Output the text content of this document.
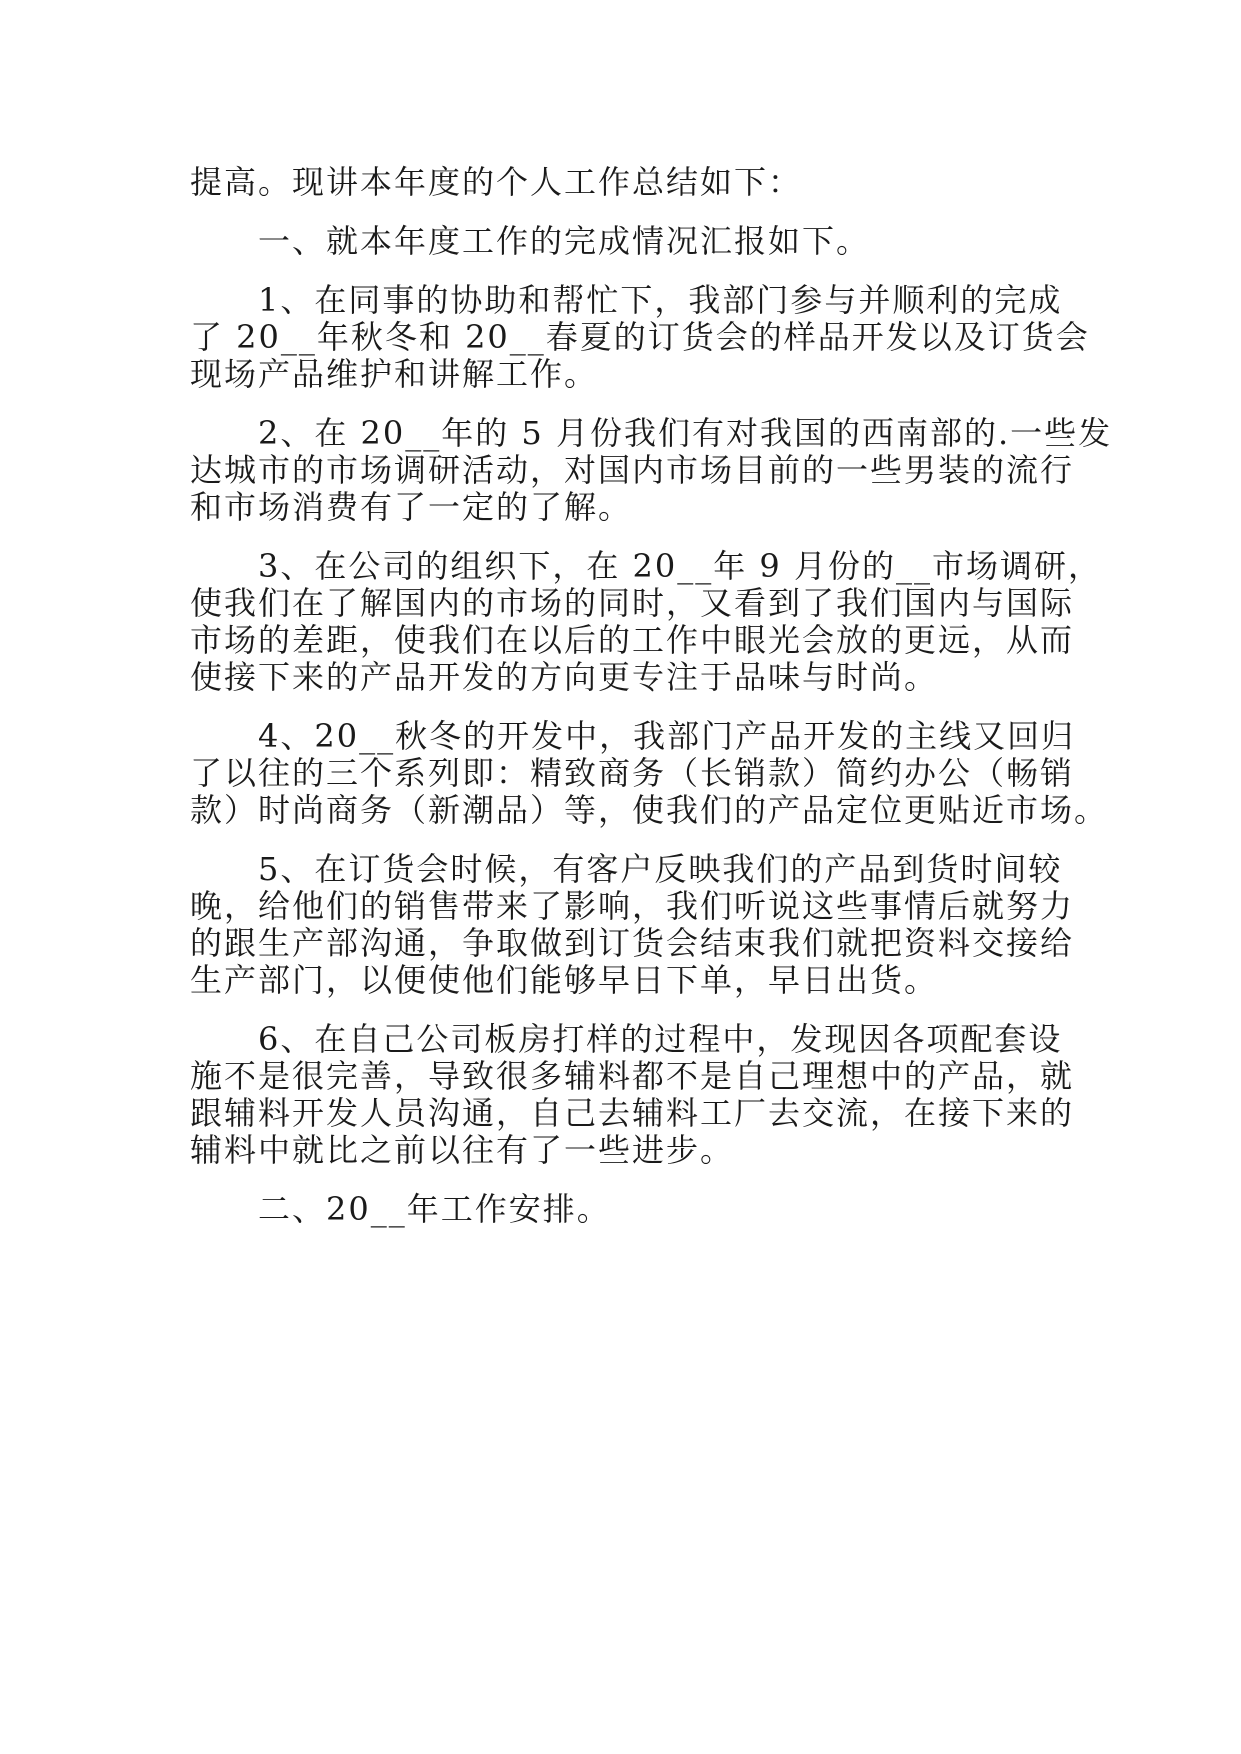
提高。现讲本年度的个人工作总结如下：
　　一、就本年度工作的完成情况汇报如下。
　　1、在同事的协助和帮忙下，我部门参与并顺利的完成
了 20__年秋冬和 20__春夏的订货会的样品开发以及订货会
现场产品维护和讲解工作。
　　2、在 20__年的 5 月份我们有对我国的西南部的.一些发
达城市的市场调研活动，对国内市场目前的一些男装的流行
和市场消费有了一定的了解。
　　3、在公司的组织下，在 20__年 9 月份的__市场调研，
使我们在了解国内的市场的同时，又看到了我们国内与国际
市场的差距，使我们在以后的工作中眼光会放的更远，从而
使接下来的产品开发的方向更专注于品味与时尚。
　　4、20__秋冬的开发中，我部门产品开发的主线又回归
了以往的三个系列即：精致商务（长销款）简约办公（畅销
款）时尚商务（新潮品）等，使我们的产品定位更贴近市场。
　　5、在订货会时候，有客户反映我们的产品到货时间较
晚，给他们的销售带来了影响，我们听说这些事情后就努力
的跟生产部沟通，争取做到订货会结束我们就把资料交接给
生产部门，以便使他们能够早日下单，早日出货。
　　6、在自己公司板房打样的过程中，发现因各项配套设
施不是很完善，导致很多辅料都不是自己理想中的产品，就
跟辅料开发人员沟通，自己去辅料工厂去交流，在接下来的
辅料中就比之前以往有了一些进步。
　　二、20__年工作安排。
